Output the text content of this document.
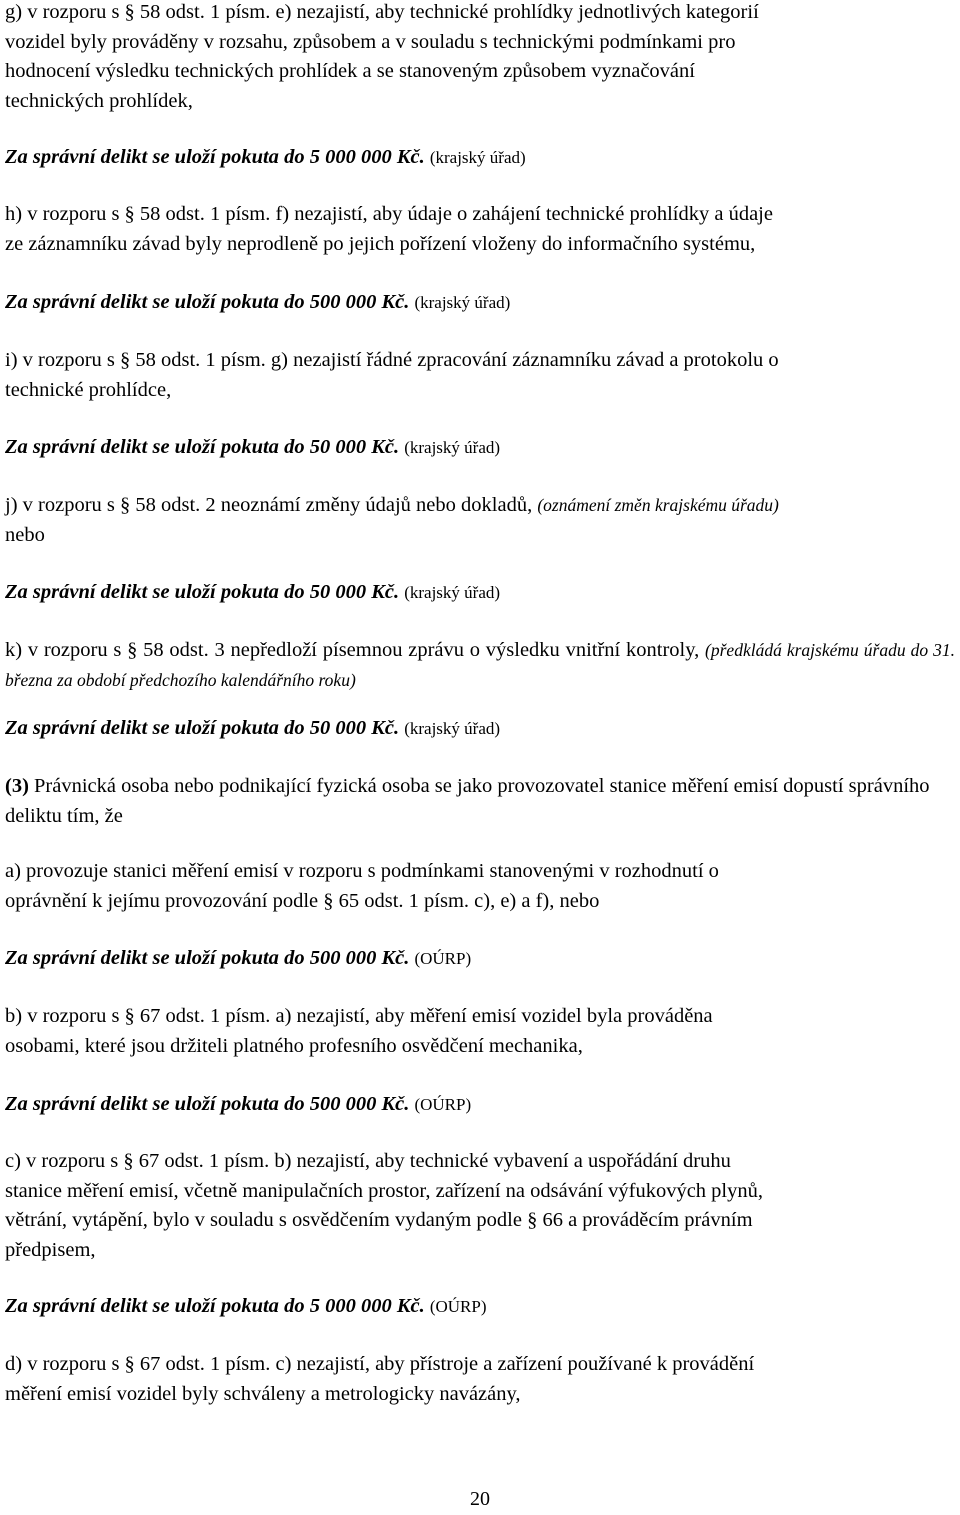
g) v rozporu s § 58 odst. 1 písm. e) nezajistí, aby technické prohlídky jednotlivých kategorií
vozidel byly prováděny v rozsahu, způsobem a v souladu s technickými podmínkami pro
hodnocení výsledku technických prohlídek a se stanoveným způsobem vyznačování
technických prohlídek,
Za správní delikt se uloží pokuta do 5 000 000 Kč. (krajský úřad)
h) v rozporu s § 58 odst. 1 písm. f) nezajistí, aby údaje o zahájení technické prohlídky a údaje
ze záznamníku závad byly neprodleně po jejich pořízení vloženy do informačního systému,
Za správní delikt se uloží pokuta do 500 000 Kč. (krajský úřad)
i) v rozporu s § 58 odst. 1 písm. g) nezajistí řádné zpracování záznamníku závad a protokolu o
technické prohlídce,
Za správní delikt se uloží pokuta do 50 000 Kč. (krajský úřad)
j) v rozporu s § 58 odst. 2 neoznámí změny údajů nebo dokladů, (oznámení změn krajskému úřadu)
nebo
Za správní delikt se uloží pokuta do 50 000 Kč. (krajský úřad)
k) v rozporu s § 58 odst. 3 nepředloží písemnou zprávu o výsledku vnitřní kontroly, (předkládá krajskému úřadu do 31. března za období předchozího kalendářního roku)
Za správní delikt se uloží pokuta do 50 000 Kč. (krajský úřad)
(3) Právnická osoba nebo podnikající fyzická osoba se jako provozovatel stanice měření emisí dopustí správního deliktu tím, že
a) provozuje stanici měření emisí v rozporu s podmínkami stanovenými v rozhodnutí o
oprávnění k jejímu provozování podle § 65 odst. 1 písm. c), e) a f), nebo
Za správní delikt se uloží pokuta do 500 000 Kč. (OÚRP)
b) v rozporu s § 67 odst. 1 písm. a) nezajistí, aby měření emisí vozidel byla prováděna
osobami, které jsou držiteli platného profesního osvědčení mechanika,
Za správní delikt se uloží pokuta do 500 000 Kč. (OÚRP)
c) v rozporu s § 67 odst. 1 písm. b) nezajistí, aby technické vybavení a uspořádání druhu
stanice měření emisí, včetně manipulačních prostor, zařízení na odsávání výfukových plynů,
větrání, vytápění, bylo v souladu s osvědčením vydaným podle § 66 a prováděcím právním
předpisem,
Za správní delikt se uloží pokuta do 5 000 000 Kč. (OÚRP)
d) v rozporu s § 67 odst. 1 písm. c) nezajistí, aby přístroje a zařízení používané k provádění
měření emisí vozidel byly schváleny a metrologicky navázány,
20
